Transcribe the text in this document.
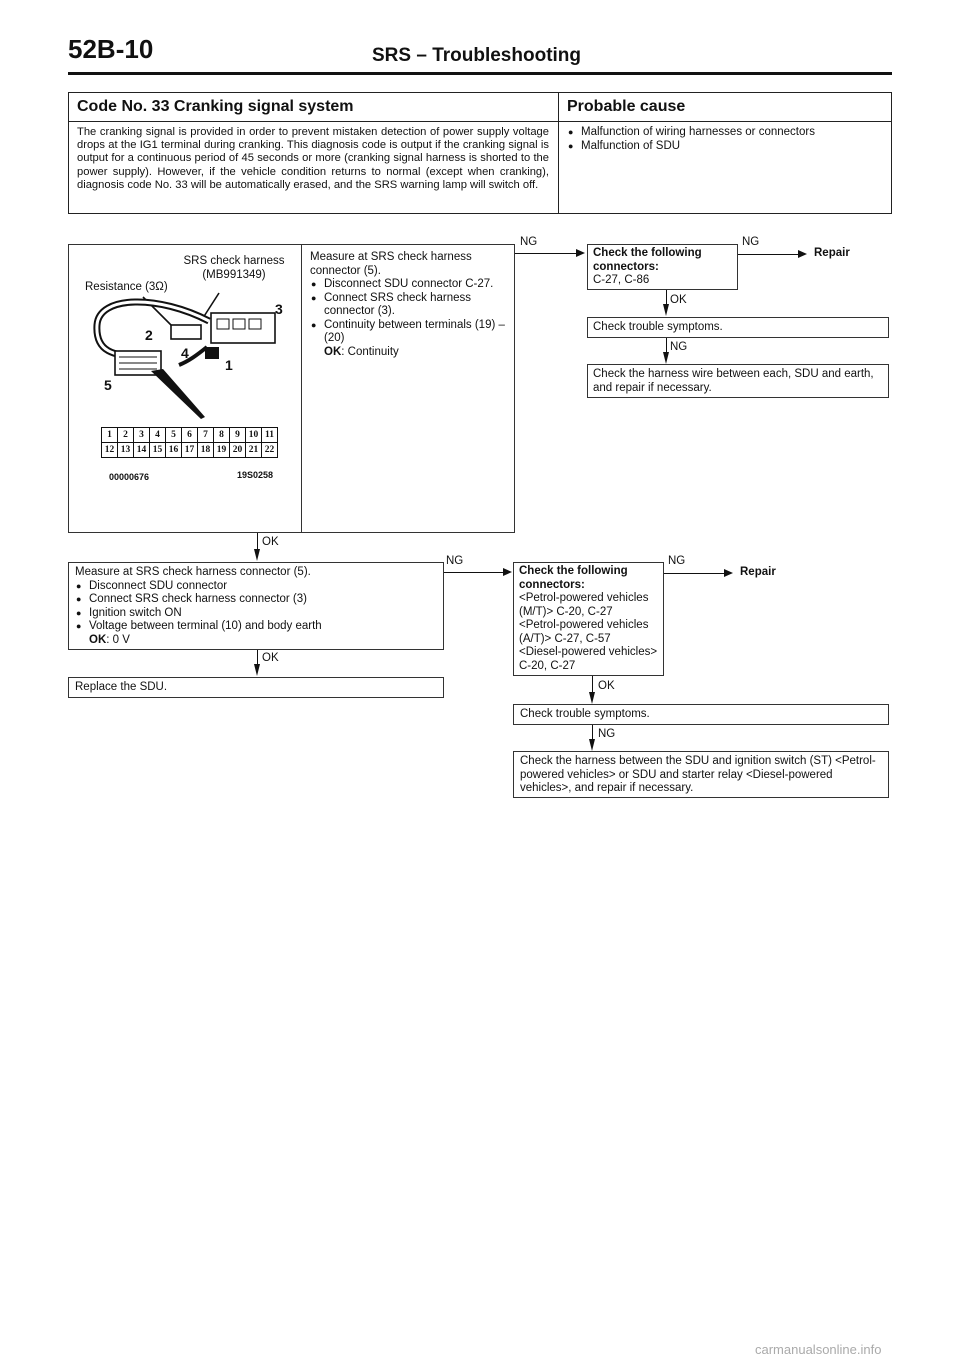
52B-10	SRS – Troubleshooting
Code No. 33 Cranking signal system	Probable cause
The cranking signal is provided in order to prevent mistaken detection of power supply voltage drops at the IG1 terminal during cranking. This diagnosis code is output if the cranking signal is output for a continuous period of 45 seconds or more (cranking signal harness is shorted to the power supply). However, if the vehicle condition returns to normal (except when cranking), diagnosis code No. 33 will be automatically erased, and the SRS warning lamp will switch off.
● Malfunction of wiring harnesses or connectors
● Malfunction of SDU
SRS check harness (MB991349)
Resistance (3Ω)
3
2
4
1
5
1	2	3	4	5	6	7	8	9 10 11
12 13 14 15 16 17 18 19 20 21 22
00000676	19S0258
Measure at SRS check harness connector (5).
● Disconnect SDU connector C-27.
● Connect SRS check harness connector (3).
● Continuity between terminals (19) – (20)
OK: Continuity
NG
Check the following connectors:
C-27, C-86
NG
Repair
OK
Check trouble symptoms.
NG
Check the harness wire between each, SDU and earth, and repair if necessary.
OK
Measure at SRS check harness connector (5).
● Disconnect SDU connector
● Connect SRS check harness connector (3)
● Ignition switch ON
● Voltage between terminal (10) and body earth
OK: 0 V
NG
Check the following connectors:
<Petrol-powered vehicles (M/T)> C-20, C-27
<Petrol-powered vehicles (A/T)> C-27, C-57
<Diesel-powered vehicles> C-20, C-27
NG
Repair
OK
Replace the SDU.	OK
Check trouble symptoms.
NG
Check the harness between the SDU and ignition switch (ST) <Petrol-powered vehicles> or SDU and starter relay <Diesel-powered vehicles>, and repair if necessary.
carmanualsonline.info
